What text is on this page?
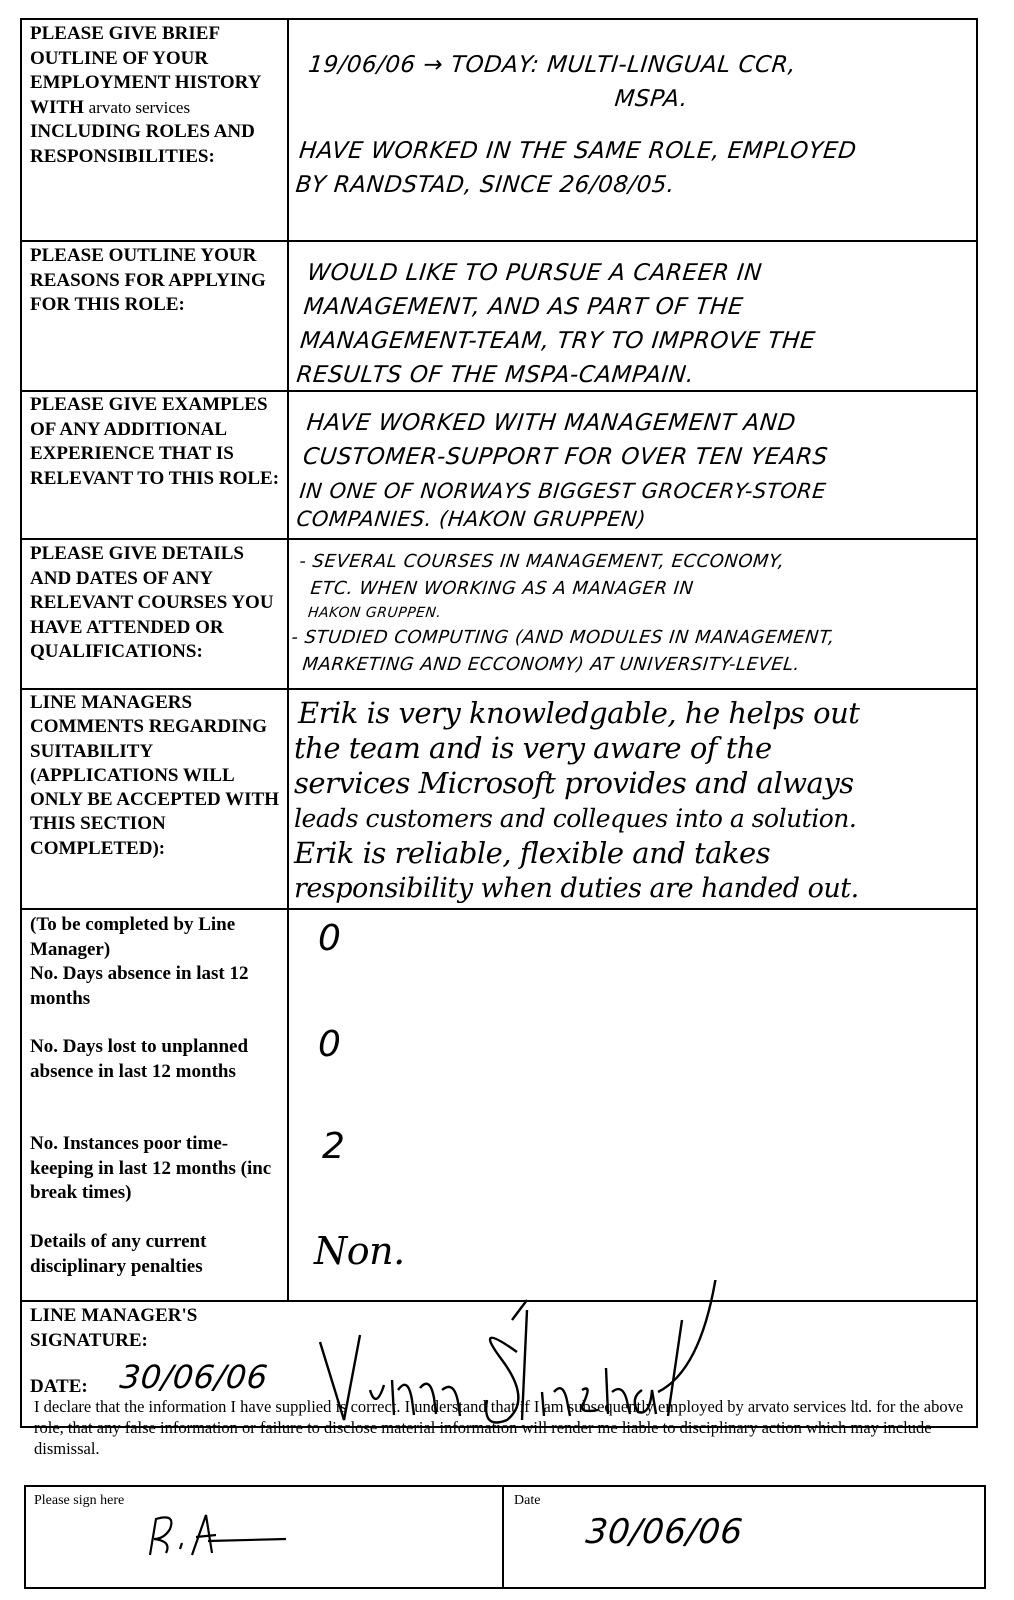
PLEASE GIVE BRIEF OUTLINE OF YOUR EMPLOYMENT HISTORY WITH arvato services INCLUDING ROLES AND RESPONSIBILITIES:
19/06/06 → TODAY: MULTI-LINGUAL CCR,
MSPA.
HAVE WORKED IN THE SAME ROLE, EMPLOYED
BY RANDSTAD, SINCE 26/08/05.
PLEASE OUTLINE YOUR REASONS FOR APPLYING FOR THIS ROLE:
WOULD LIKE TO PURSUE A CAREER IN
MANAGEMENT, AND AS PART OF THE
MANAGEMENT-TEAM, TRY TO IMPROVE THE
RESULTS OF THE MSPA-CAMPAIN.
PLEASE GIVE EXAMPLES OF ANY ADDITIONAL EXPERIENCE THAT IS RELEVANT TO THIS ROLE:
HAVE WORKED WITH MANAGEMENT AND
CUSTOMER-SUPPORT FOR OVER TEN YEARS
IN ONE OF NORWAYS BIGGEST GROCERY-STORE
COMPANIES. (HAKON GRUPPEN)
PLEASE GIVE DETAILS AND DATES OF ANY RELEVANT COURSES YOU HAVE ATTENDED OR QUALIFICATIONS:
- SEVERAL COURSES IN MANAGEMENT, ECCONOMY,
ETC. WHEN WORKING AS A MANAGER IN
HAKON GRUPPEN.
- STUDIED COMPUTING (AND MODULES IN MANAGEMENT,
MARKETING AND ECCONOMY) AT UNIVERSITY-LEVEL.
LINE MANAGERS COMMENTS REGARDING SUITABILITY (APPLICATIONS WILL ONLY BE ACCEPTED WITH THIS SECTION COMPLETED):
Erik is very knowledgable, he helps out
the team and is very aware of the
services Microsoft provides and always
leads customers and colleques into a solution.
Erik is reliable, flexible and takes
responsibility when duties are handed out.
(To be completed by Line Manager)
No. Days absence in last 12 months
0
No. Days lost to unplanned absence in last 12 months
0
No. Instances poor time-keeping in last 12 months (inc break times)
2
Details of any current disciplinary penalties	Non.
LINE MANAGER'S SIGNATURE:
DATE: 30/06/06
I declare that the information I have supplied is correct. I understand that if I am subsequently employed by arvato services ltd. for the above role, that any false information or failure to disclose material information will render me liable to disciplinary action which may include dismissal.
Please sign here	Date
30/06/06
